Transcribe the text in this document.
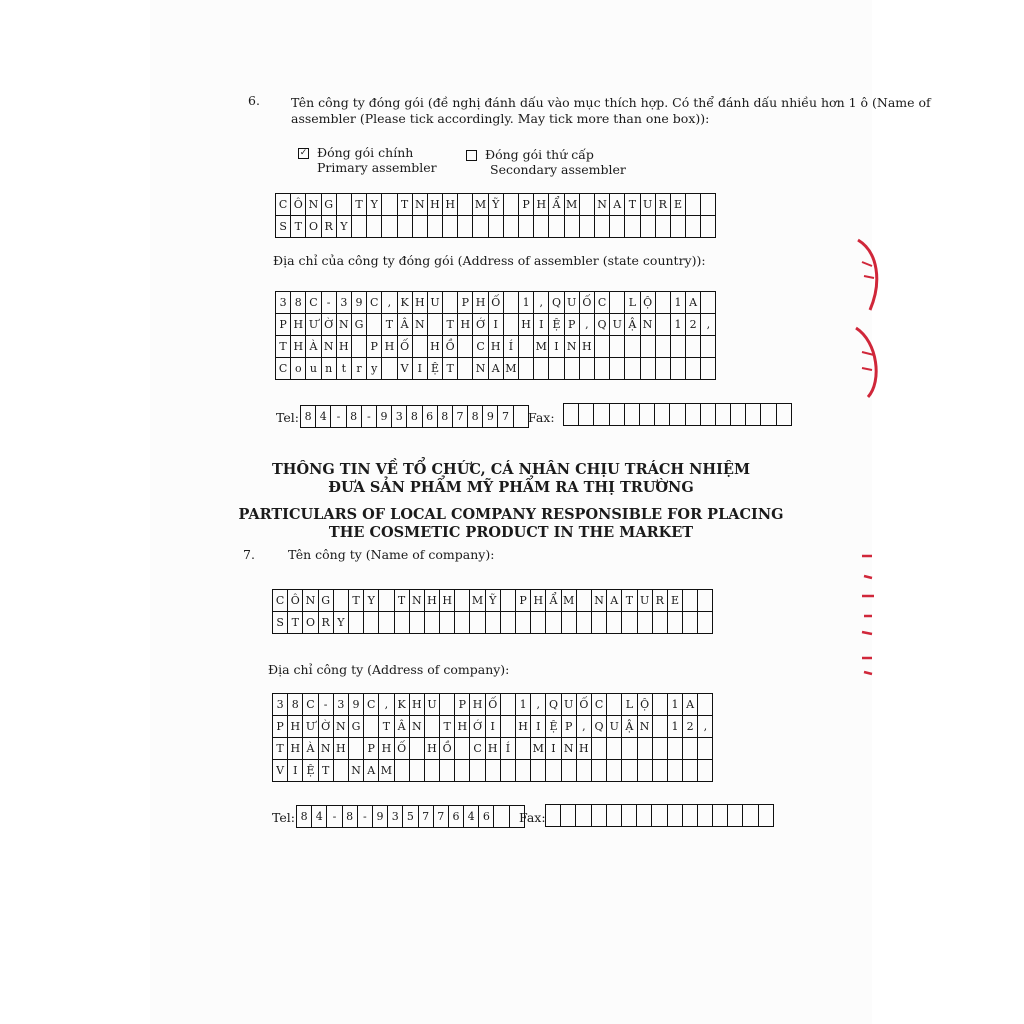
6. Tên công ty đóng gói (đề nghị đánh dấu vào mục thích hợp. Có thể đánh dấu nhiều hơn 1 ô (Name of
assembler (Please tick accordingly. May tick more than one box)):
✓ Đóng gói chính
Primary assembler
Đóng gói thứ cấp
Secondary assembler
C Ô N G	T Y	T N H H M Ỹ	P H Ẩ M N A T U R E
S T O R Y
Địa chỉ của công ty đóng gói (Address of assembler (state country)):
3 8 C - 3 9 C , K H U	P H Ố	1 , Q U Ố C	L Ộ	1 A
P H Ư Ờ N G	T Â N	T H Ớ I	H I Ệ P , Q U Ậ N	1 2 ,
T H À N H	P H Ố	H Ồ	C H Í	M I N H
C o u n t r y	V I Ệ T	N A M
Tel: 8 4 - 8 - 9 3 8 6 8 7 8 9 7	Fax:
THÔNG TIN VỀ TỔ CHỨC, CÁ NHÂN CHỊU TRÁCH NHIỆM
ĐƯA SẢN PHẨM MỸ PHẨM RA THỊ TRƯỜNG
PARTICULARS OF LOCAL COMPANY RESPONSIBLE FOR PLACING
THE COSMETIC PRODUCT IN THE MARKET
7.	Tên công ty (Name of company):
C Ô N G	T Y	T N H H M Ỹ	P H Ẩ M N A T U R E
S T O R Y
Địa chỉ công ty (Address of company):
3 8 C - 3 9 C , K H U	P H Ố	1 , Q U Ố C	L Ộ	1 A
P H Ư Ờ N G	T Â N	T H Ớ I	H I Ệ P , Q U Ậ N	1 2 ,
T H À N H	P H Ố	H Ồ	C H Í	M I N H
V I Ệ T	N A M
Tel: 8 4 - 8 - 9 3 5 7 7 6 4 6	Fax:
